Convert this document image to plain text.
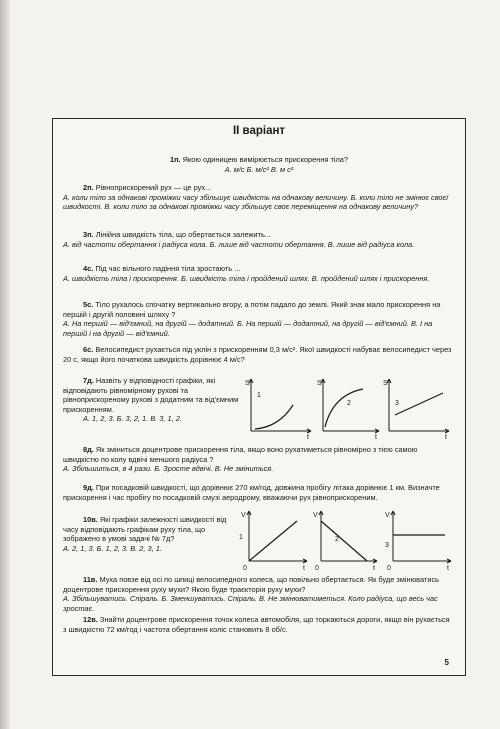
ІІ варіант
1п. Якою одиницею вимірюється прискорення тіла?
А. м/с Б. м/с² В. м с²
2п. Рівноприскорений рух — це рух...
А. коли тіло за однакові проміжки часу збільшує швидкість на однакову величину. Б. коли тіло не змінює своєї швидкості. В. коли тіло за однакові проміжки часу збільшує своє переміщення на однакову величину?
3п. Лінійна швидкість тіла, що обертається залежить...
А. від частоти обертання і радіуса кола. Б. лише від частоти обертання. В. лише від радіуса кола.
4с. Під час вільного падіння тіла зростають ...
А. швидкість тіла і прискорення. Б. швидкість тіла і пройдений шлях. В. пройдений шлях і прискорення.
5с. Тіло рухалось спочатку вертикально вгору, а потім падало до землі. Який знак мало прискорення на першій і другій половині шляху ?
А. На першій — від'ємний, на другій — додатний. Б. На першій — додатний, на другій — від'ємний. В. І на першій і на другій — від'ємний.
6с. Велосипедист рухається під уклін з прискоренням 0,3 м/с². Якої швидкості набуває велосипедист через 20 с, якщо його початкова швидкість дорівнює 4 м/с?
7д. Назвіть у відповідності графіки, які відповідають рівномірному руховi та рівноприскореному руховi з додатним та від'ємним прискоренням.

А. 1, 2, 3. Б. 3, 2, 1. В. 3, 1, 2.
S
t
1
S
t
2
S
t
3
8д. Як зміниться доцентрове прискорення тіла, якщо воно рухатиметься рівномірно з тією самою швидкістю по колу вдвічі меншого радіуса ?
А. Збільшиться, в 4 рази. Б. Зросте вдвічі. В. Не зміниться.
9д. При посадковій швидкості, що дорівнює 270 км/год, довжина пробігу літака дорівнює 1 км. Визначте прискорення і час пробігу по посадковій смузі аеродрому, вважаючи рух рівноприскореним.
10в. Які графіки залежності швидкості від часу відповідають графікам руху тіла, що зображено в умові задачі № 7д?
А. 2, 1, 3. Б. 1, 2, 3. В. 2, 3, 1.
V
t
0
1
V
t
0
2
V
t
0
3
11в. Муха повзе від осі по шпиці велосипедного колеса, що повільно обертається. Як буде змінюватись доцентрове прискорення руху мухи? Якою буде траєкторія руху мухи?
А. Збільшуватись. Спіраль. Б. Зменшуватись. Спіраль. В. Не змінюватиметься. Коло радіуса, що весь час зростає.
12в. Знайти доцентрове прискорення точок колеса автомобіля, що торкаються дороги, якщо він рухається з швидкістю 72 км/год і частота обертання коліс становить 8 об/с.
5
